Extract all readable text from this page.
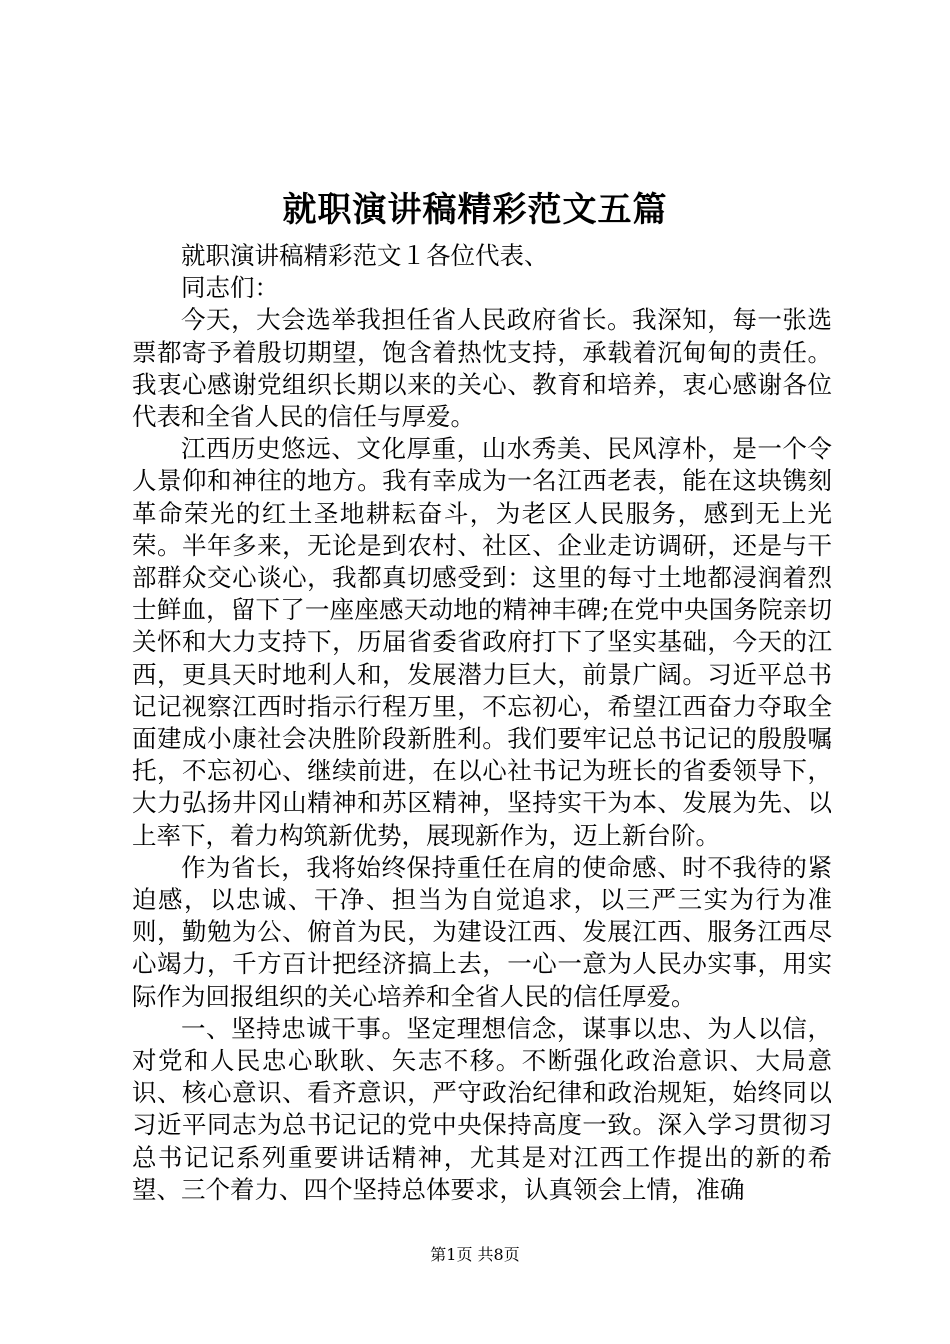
就职演讲稿精彩范文五篇

就职演讲稿精彩范文１各位代表、

同志们：

今天，大会选举我担任省人民政府省长。我深知，每一张选票都寄予着殷切期望，饱含着热忱支持，承载着沉甸甸的责任。我衷心感谢党组织长期以来的关心、教育和培养，衷心感谢各位代表和全省人民的信任与厚爱。

江西历史悠远、文化厚重，山水秀美、民风淳朴，是一个令人景仰和神往的地方。我有幸成为一名江西老表，能在这块镌刻革命荣光的红土圣地耕耘奋斗，为老区人民服务，感到无上光荣。半年多来，无论是到农村、社区、企业走访调研，还是与干部群众交心谈心，我都真切感受到：这里的每寸土地都浸润着烈士鲜血，留下了一座座感天动地的精神丰碑;在党中央国务院亲切关怀和大力支持下，历届省委省政府打下了坚实基础，今天的江西，更具天时地利人和，发展潜力巨大，前景广阔。习近平总书记记视察江西时指示行程万里，不忘初心，希望江西奋力夺取全面建成小康社会决胜阶段新胜利。我们要牢记总书记记的殷殷嘱托，不忘初心、继续前进，在以心社书记为班长的省委领导下，大力弘扬井冈山精神和苏区精神，坚持实干为本、发展为先、以上率下，着力构筑新优势，展现新作为，迈上新台阶。

作为省长，我将始终保持重任在肩的使命感、时不我待的紧迫感，以忠诚、干净、担当为自觉追求，以三严三实为行为准则，勤勉为公、俯首为民，为建设江西、发展江西、服务江西尽心竭力，千方百计把经济搞上去，一心一意为人民办实事，用实际作为回报组织的关心培养和全省人民的信任厚爱。

一、坚持忠诚干事。坚定理想信念，谋事以忠、为人以信，对党和人民忠心耿耿、矢志不移。不断强化政治意识、大局意识、核心意识、看齐意识，严守政治纪律和政治规矩，始终同以习近平同志为总书记记的党中央保持高度一致。深入学习贯彻习总书记记系列重要讲话精神，尤其是对江西工作提出的新的希望、三个着力、四个坚持总体要求，认真领会上情，准确

第1页 共8页
